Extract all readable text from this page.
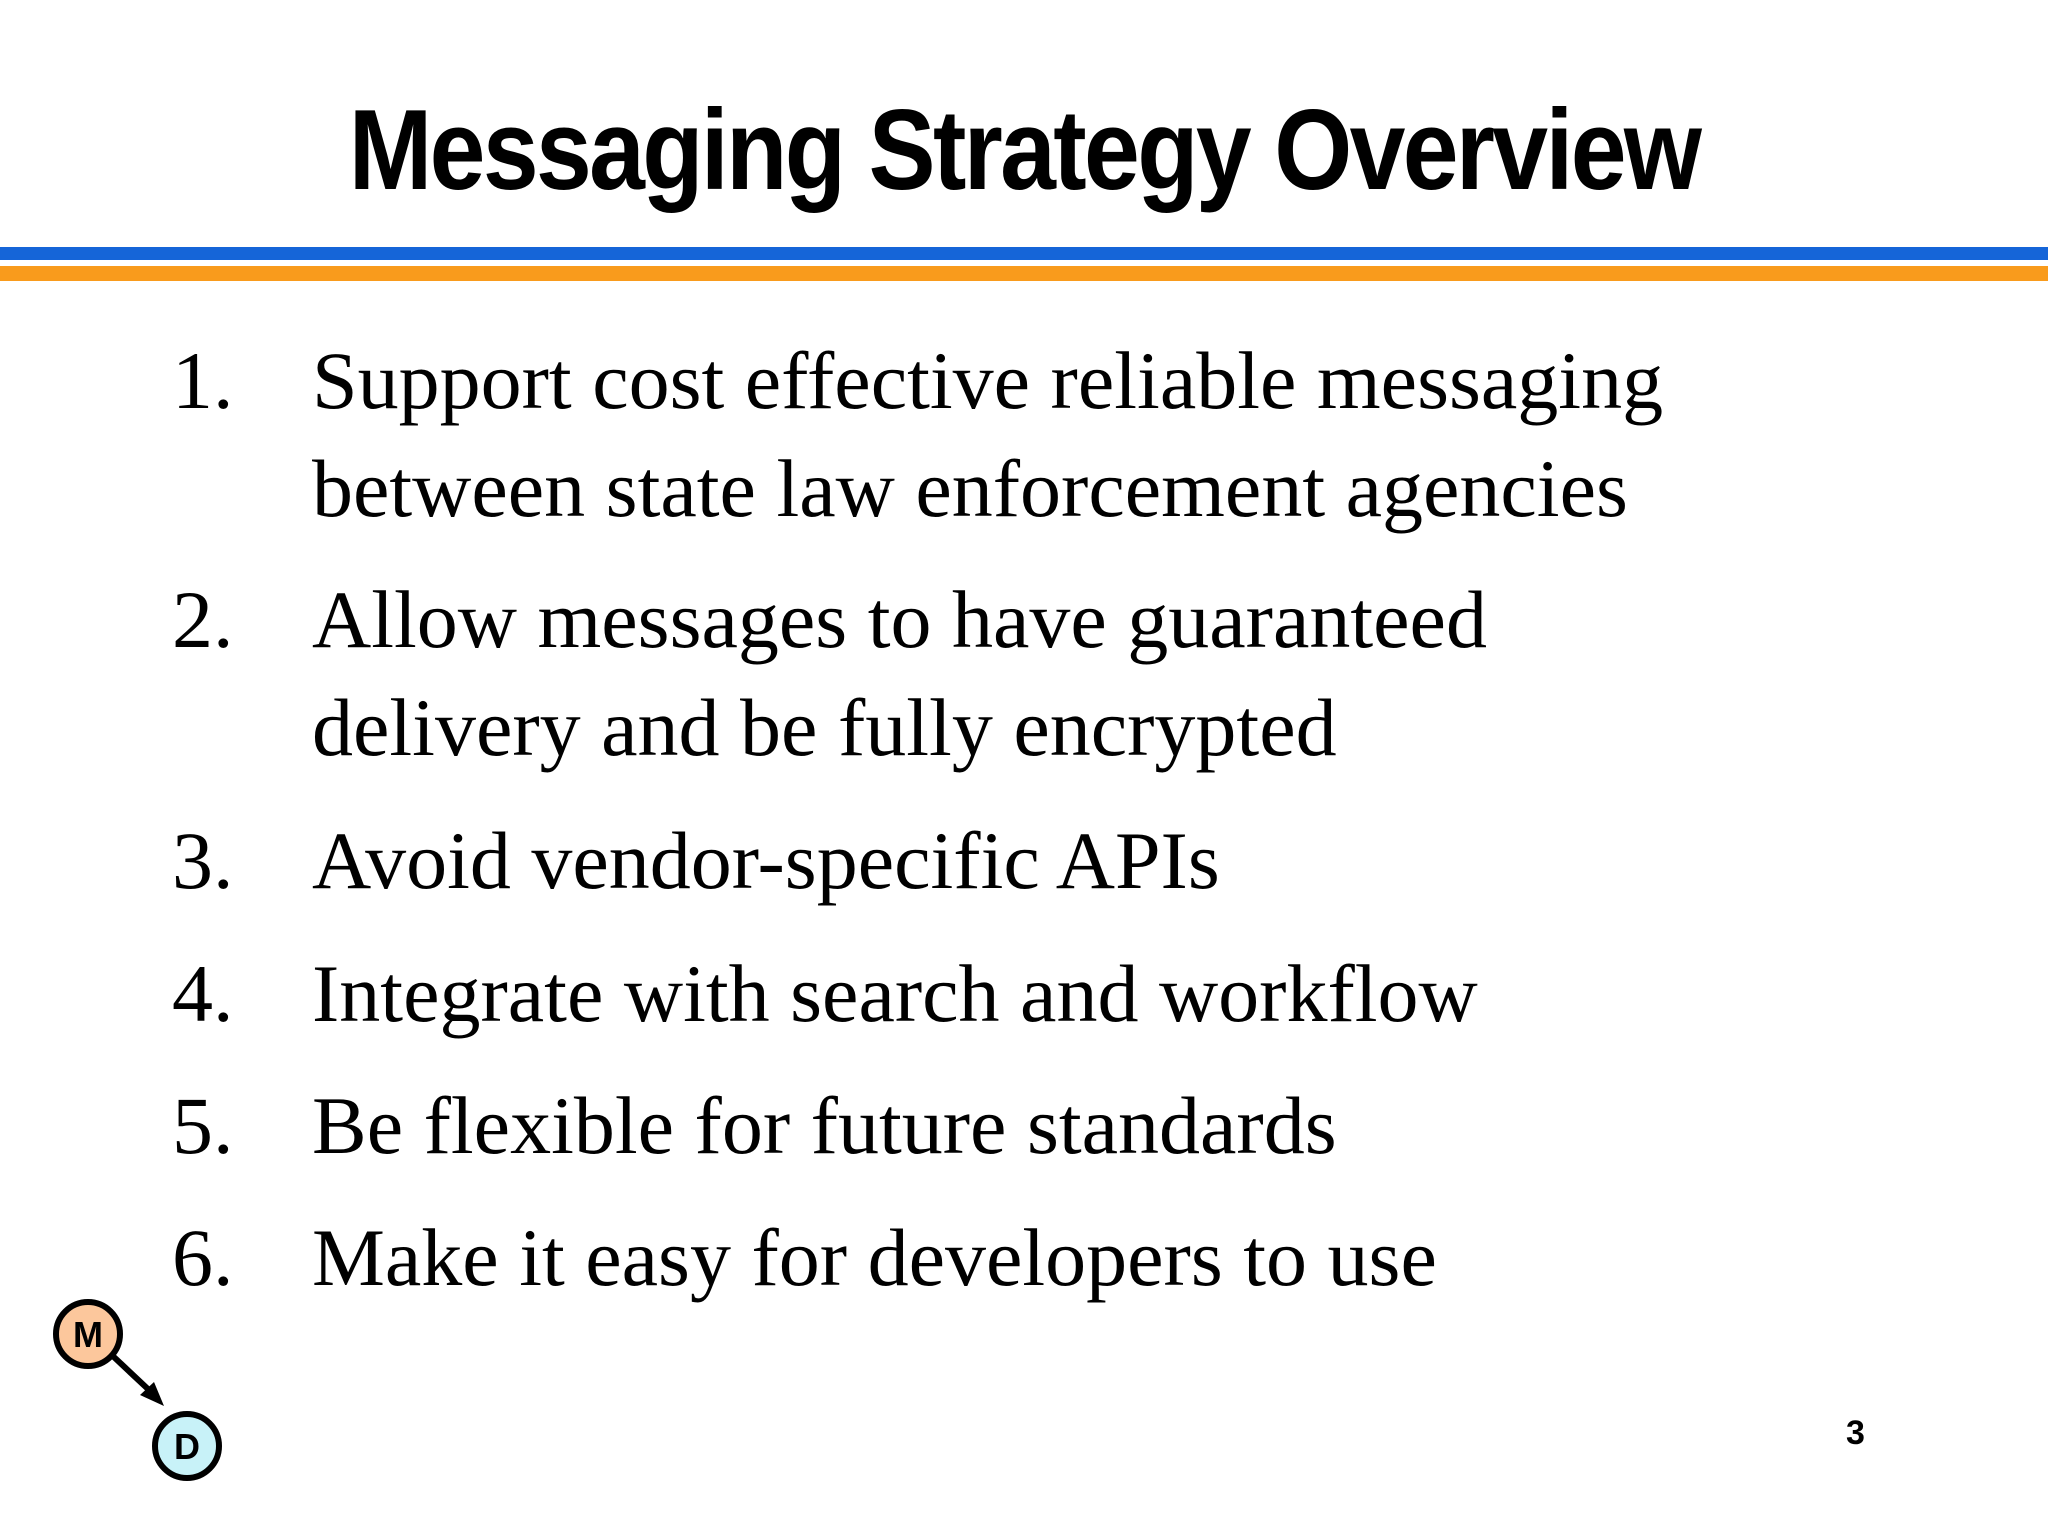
Messaging Strategy Overview
1. Support cost effective reliable messaging
between state law enforcement agencies
2. Allow messages to have guaranteed
delivery and be fully encrypted
3. Avoid vendor-specific APIs
4. Integrate with search and workflow
5. Be flexible for future standards
6. Make it easy for developers to use
M
D	3
